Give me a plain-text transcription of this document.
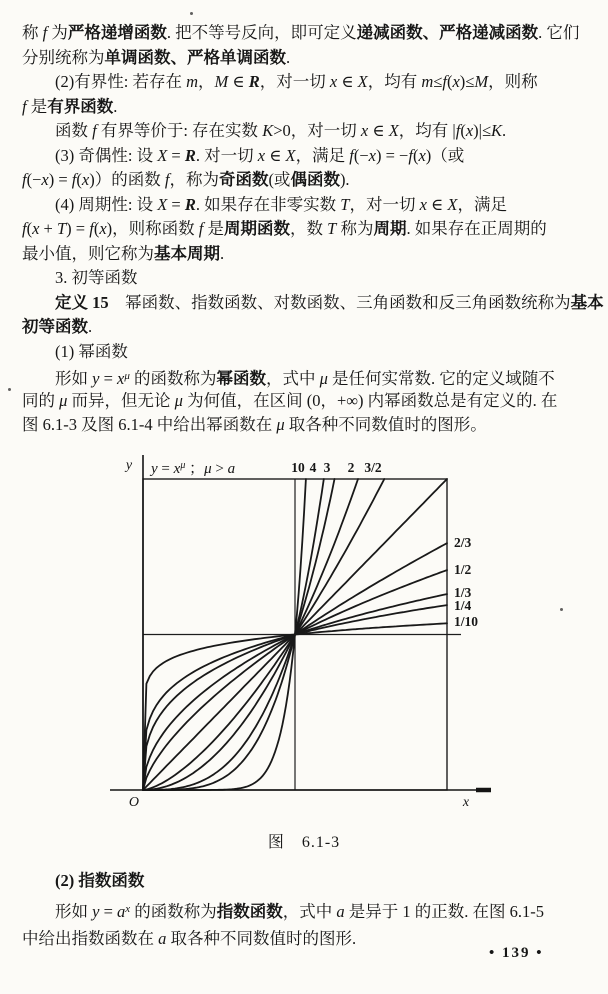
称 f 为严格递增函数. 把不等号反向，即可定义递减函数、严格递减函数. 它们
分别统称为单调函数、严格单调函数.
(2)有界性: 若存在 m，M ∈ R，对一切 x ∈ X，均有 m≤f(x)≤M，则称
f 是有界函数.
函数 f 有界等价于: 存在实数 K>0，对一切 x ∈ X，均有 |f(x)|≤K.
(3) 奇偶性: 设 X = R. 对一切 x ∈ X，满足 f(−x) = −f(x)（或
f(−x) = f(x)）的函数 f，称为奇函数(或偶函数).
(4) 周期性: 设 X = R. 如果存在非零实数 T，对一切 x ∈ X，满足
f(x + T) = f(x)，则称函数 f 是周期函数，数 T 称为周期. 如果存在正周期的
最小值，则它称为基本周期.
3. 初等函数
定义 15　幂函数、指数函数、对数函数、三角函数和反三角函数统称为基本
初等函数.
(1) 幂函数
形如 $y = x^\mu$ 的函数称为幂函数，式中 μ 是任何实常数. 它的定义域随不
同的 μ 而异，但无论 μ 为何值，在区间 (0，+∞) 内幂函数总是有定义的. 在
图 6.1-3 及图 6.1-4 中给出幂函数在 μ 取各种不同数值时的图形。
y
x
O
10 4 3 2 3/2
2/3
1/2
1/3
1/4
1/10
$y = x^\mu$ ；μ > a
图　6.1-3
(2) 指数函数
形如 $y = a^x$ 的函数称为指数函数，式中 a 是异于 1 的正数. 在图 6.1-5
中给出指数函数在 a 取各种不同数值时的图形.
• 139 •
